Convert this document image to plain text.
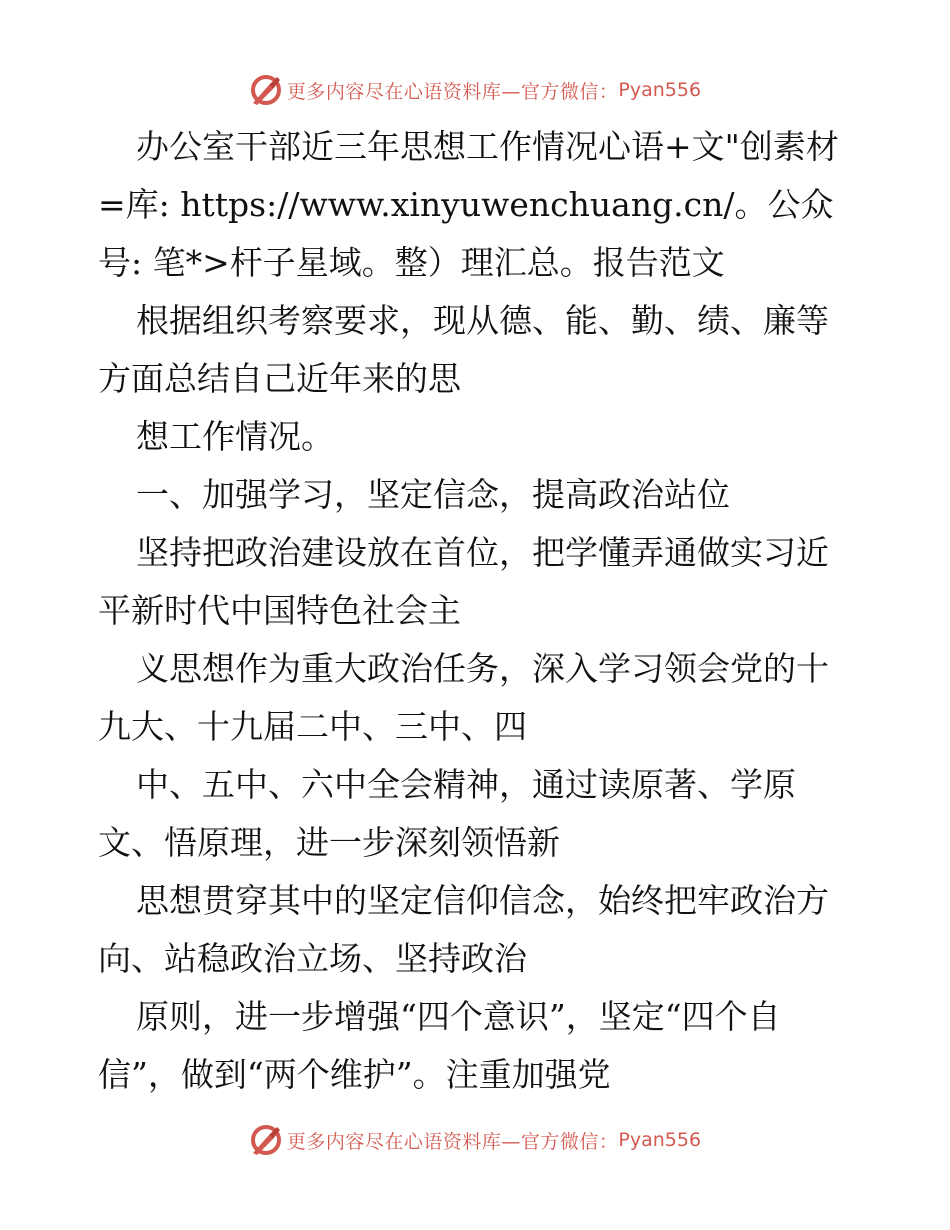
更多内容尽在心语资料库—官方微信： Pyan556
办公室干部近三年思想工作情况心语+文"创素材
=库: https://www.xinyuwenchuang.cn/。公众
号: 笔*>杆子星域。整）理汇总。报告范文
根据组织考察要求，现从德、能、勤、绩、廉等
方面总结自己近年来的思
想工作情况。
一、加强学习，坚定信念，提高政治站位
坚持把政治建设放在首位，把学懂弄通做实习近
平新时代中国特色社会主
义思想作为重大政治任务，深入学习领会党的十
九大、十九届二中、三中、四
中、五中、六中全会精神，通过读原著、学原
文、悟原理，进一步深刻领悟新
思想贯穿其中的坚定信仰信念，始终把牢政治方
向、站稳政治立场、坚持政治
原则，进一步增强“四个意识”，坚定“四个自
信”，做到“两个维护”。注重加强党
更多内容尽在心语资料库—官方微信： Pyan556
